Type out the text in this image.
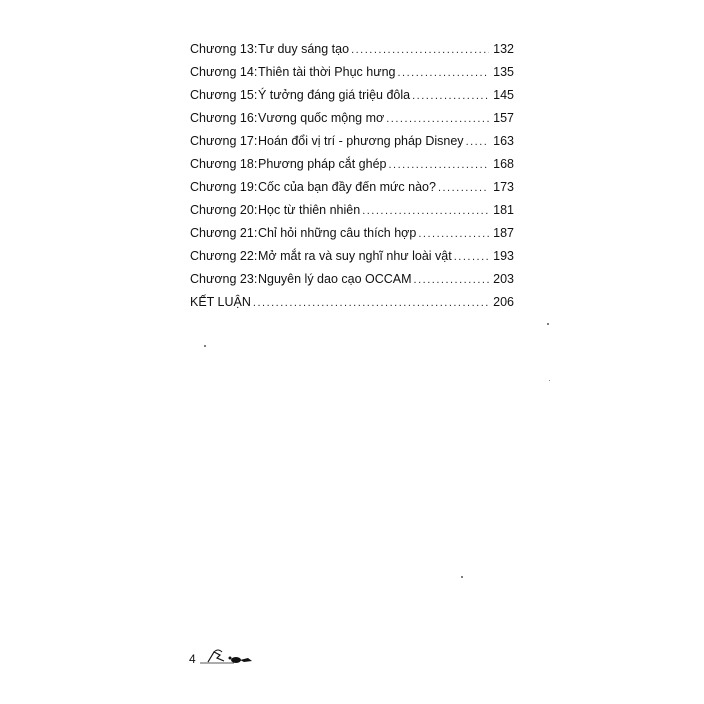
Chương 13: Tư duy sáng tạo .....	132
Chương 14: Thiên tài thời Phục hưng .....	135
Chương 15: Ý tưởng đáng giá triệu đôla .....	145
Chương 16: Vương quốc mộng mơ .....	157
Chương 17: Hoán đổi vị trí - phương pháp Disney .....	163
Chương 18: Phương pháp cắt ghép .....	168
Chương 19: Cốc của bạn đầy đến mức nào? .....	173
Chương 20: Học từ thiên nhiên .....	181
Chương 21: Chỉ hỏi những câu thích hợp .....	187
Chương 22: Mở mắt ra và suy nghĩ như loài vật .....	193
Chương 23: Nguyên lý dao cạo OCCAM .....	203
KẾT LUẬN .....	206
4
